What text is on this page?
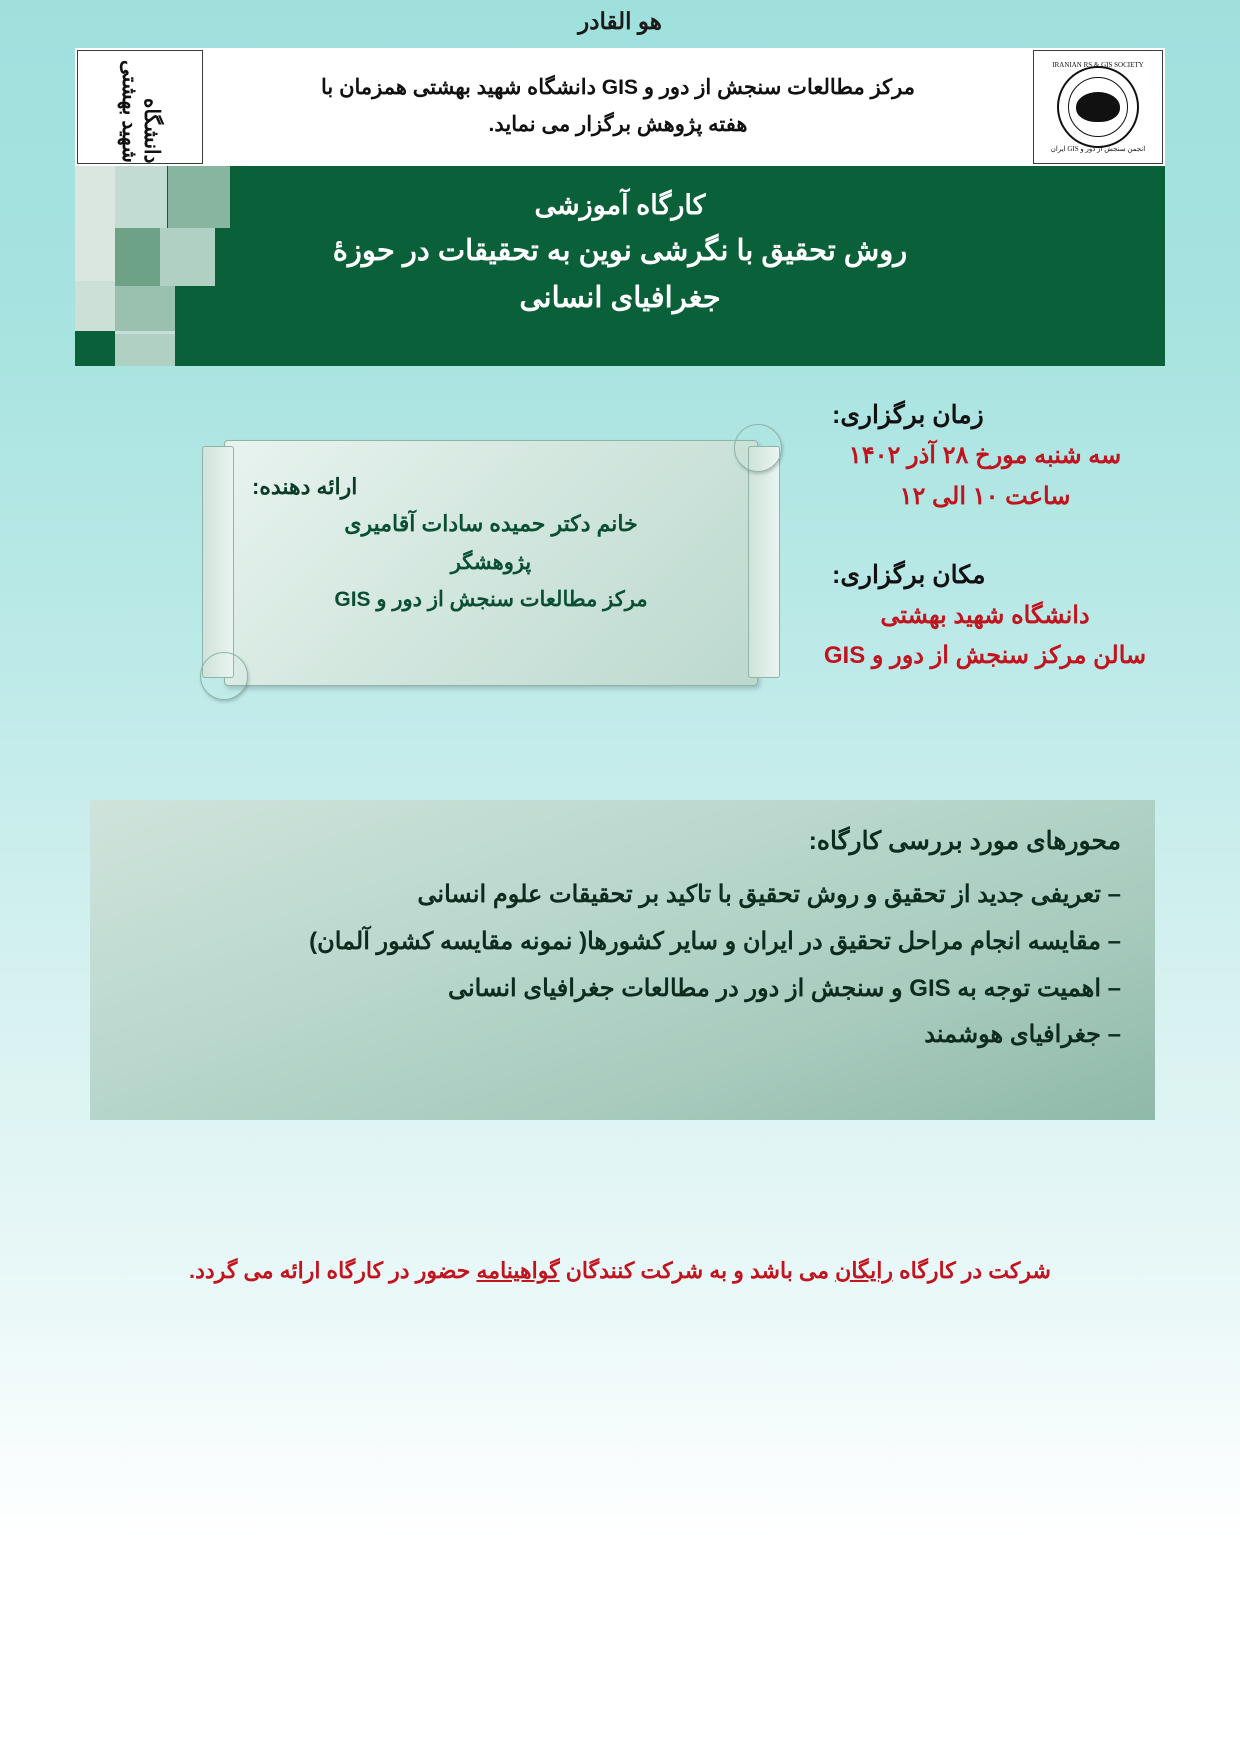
هو القادر
دانشگاه شهید بهشتی	مرکز مطالعات سنجش از دور و GIS دانشگاه شهید بهشتی همزمان با
هفته پژوهش برگزار می نماید.

IRANIAN RS & GIS SOCIETY
انجمن سنجش از دور و GIS ایران
کارگاه آموزشی
روش تحقیق با نگرشی نوین به تحقیقات در حوزهٔ
جغرافیای انسانی
زمان برگزاری:
سه شنبه مورخ ۲۸ آذر ۱۴۰۲
ساعت ۱۰ الی ۱۲
مکان برگزاری:
دانشگاه شهید بهشتی
سالن مرکز سنجش از دور و GIS
ارائه دهنده:
خانم دکتر حمیده سادات آقامیری
پژوهشگر
مرکز مطالعات سنجش از دور و GIS
محورهای مورد بررسی کارگاه:
– تعریفی جدید از تحقیق و روش تحقیق با تاکید بر تحقیقات علوم انسانی
– مقایسه انجام مراحل تحقیق در ایران و سایر کشورها( نمونه مقایسه کشور آلمان)
– اهمیت توجه به GIS و سنجش از دور در مطالعات جغرافیای انسانی
– جغرافیای هوشمند
شرکت در کارگاه رایگان می باشد و به شرکت کنندگان گواهینامه حضور در کارگاه ارائه می گردد.
